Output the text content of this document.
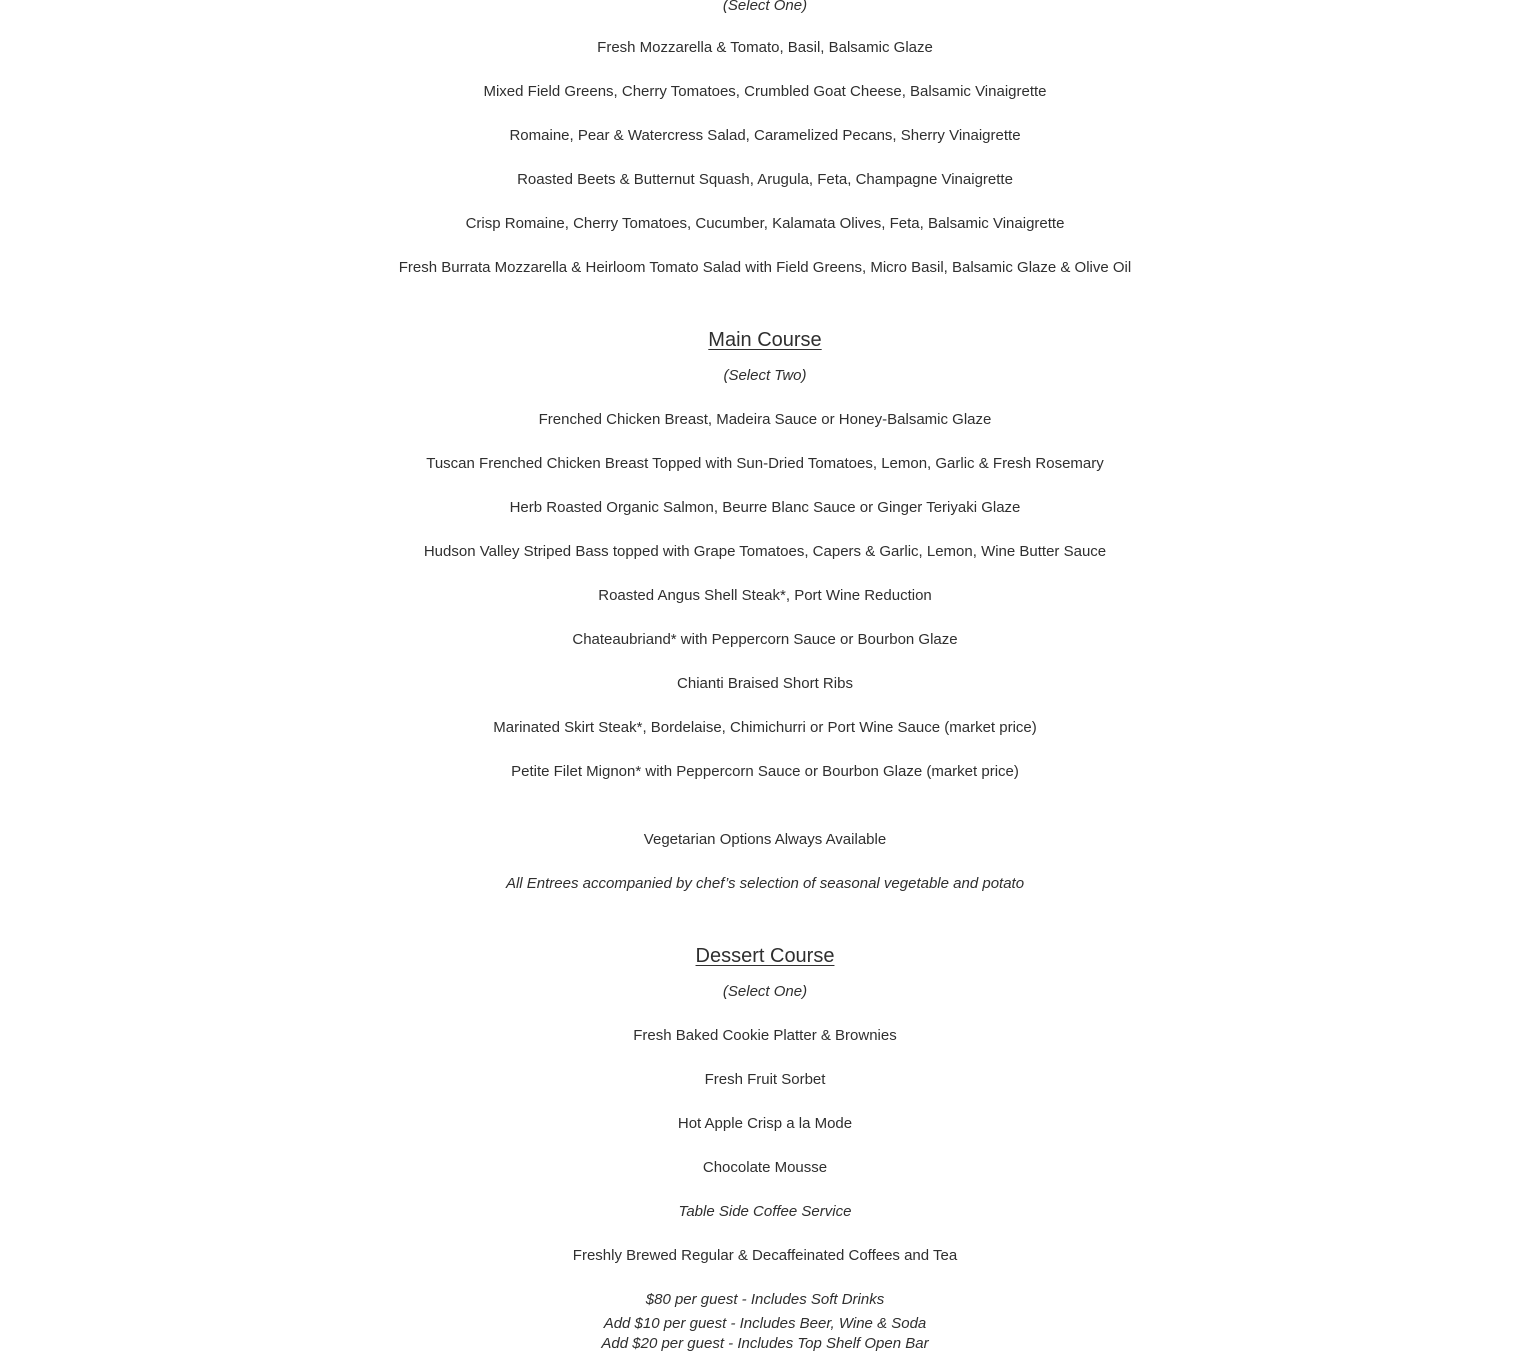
(Select One)
Fresh Mozzarella & Tomato, Basil, Balsamic Glaze
Mixed Field Greens, Cherry Tomatoes, Crumbled Goat Cheese, Balsamic Vinaigrette
Romaine, Pear & Watercress Salad, Caramelized Pecans, Sherry Vinaigrette
Roasted Beets & Butternut Squash, Arugula, Feta, Champagne Vinaigrette
Crisp Romaine, Cherry Tomatoes, Cucumber, Kalamata Olives, Feta, Balsamic Vinaigrette
Fresh Burrata Mozzarella & Heirloom Tomato Salad with Field Greens, Micro Basil, Balsamic Glaze & Olive Oil
Main Course
(Select Two)
Frenched Chicken Breast, Madeira Sauce or Honey-Balsamic Glaze
Tuscan Frenched Chicken Breast Topped with Sun-Dried Tomatoes, Lemon, Garlic & Fresh Rosemary
Herb Roasted Organic Salmon, Beurre Blanc Sauce or Ginger Teriyaki Glaze
Hudson Valley Striped Bass topped with Grape Tomatoes, Capers & Garlic, Lemon, Wine Butter Sauce
Roasted Angus Shell Steak*, Port Wine Reduction
Chateaubriand* with Peppercorn Sauce or Bourbon Glaze
Chianti Braised Short Ribs
Marinated Skirt Steak*, Bordelaise, Chimichurri or Port Wine Sauce (market price)
Petite Filet Mignon* with Peppercorn Sauce or Bourbon Glaze (market price)
Vegetarian Options Always Available
All Entrees accompanied by chef’s selection of seasonal vegetable and potato
Dessert Course
(Select One)
Fresh Baked Cookie Platter & Brownies
Fresh Fruit Sorbet
Hot Apple Crisp a la Mode
Chocolate Mousse
Table Side Coffee Service
Freshly Brewed Regular & Decaffeinated Coffees and Tea
$80 per guest - Includes Soft Drinks
Add $10 per guest - Includes Beer, Wine & Soda
Add $20 per guest - Includes Top Shelf Open Bar
